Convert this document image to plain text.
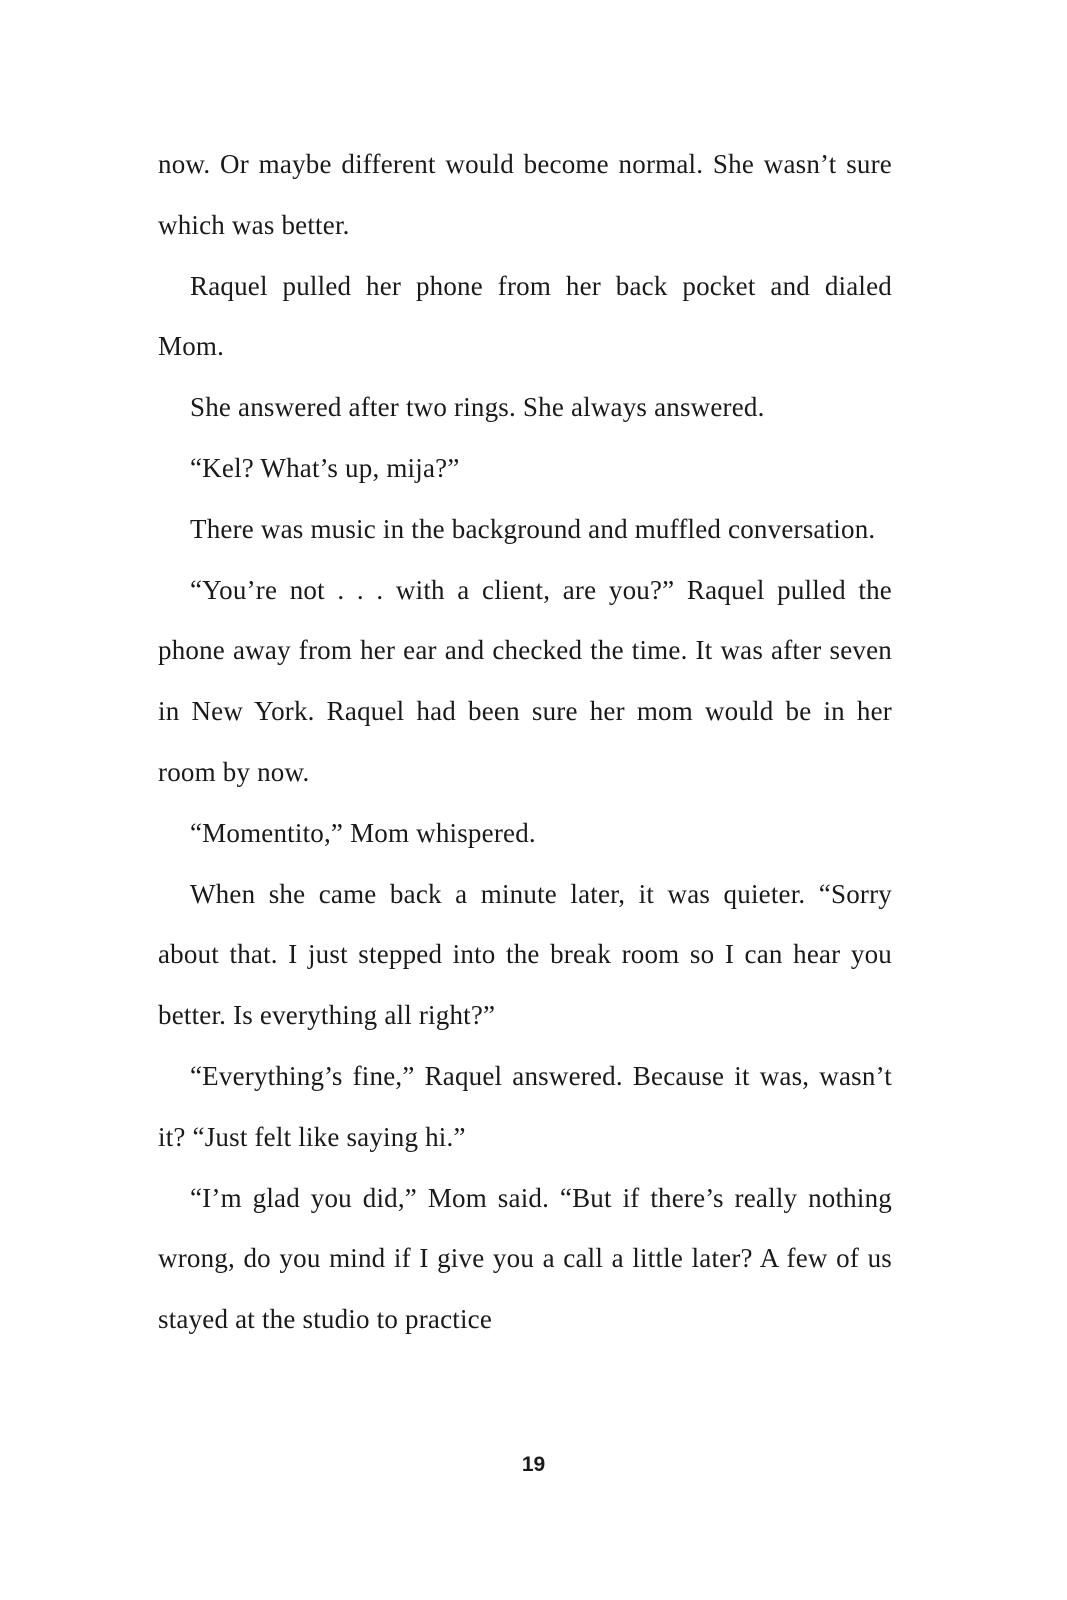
now. Or maybe different would become normal. She wasn’t sure which was better.

Raquel pulled her phone from her back pocket and dialed Mom.

She answered after two rings. She always answered.

“Kel? What’s up, mija?”

There was music in the background and muffled conversation.

“You’re not . . . with a client, are you?” Raquel pulled the phone away from her ear and checked the time. It was after seven in New York. Raquel had been sure her mom would be in her room by now.

“Momentito,” Mom whispered.

When she came back a minute later, it was quieter. “Sorry about that. I just stepped into the break room so I can hear you better. Is everything all right?”

“Everything’s fine,” Raquel answered. Because it was, wasn’t it? “Just felt like saying hi.”

“I’m glad you did,” Mom said. “But if there’s really nothing wrong, do you mind if I give you a call a little later? A few of us stayed at the studio to practice

19
